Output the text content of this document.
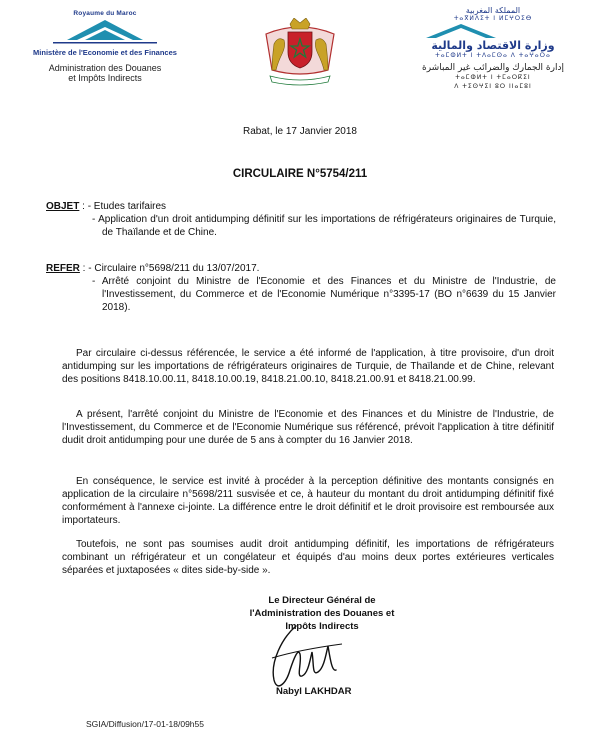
Royaume du Maroc
Ministère de l'Economie et des Finances
Administration des Douanes
et Impôts Indirects
المملكة المغربية
ⵜⴰⴳⵍⴷⵉⵜ ⵏ ⵍⵎⵖⵔⵉⴱ
وزارة الاقتصاد والمالية
ⵜⴰⵎⵀⵍⵜ ⵏ ⵜⴷⴰⵎⵙⴰ ⴷ ⵜⴰⵖⴰⵔⴰ
إدارة الجمارك والضرائب غير المباشرة
ⵜⴰⵎⵀⵍⵜ ⵏ ⵜⵎⴰⵔⴽⵉⵏ
ⴷ ⵜⵉⵙⵖⵉⵏ ⵓⵔ ⵏⵏⴰⵎⵓⵏ
Rabat, le 17 Janvier 2018
CIRCULAIRE N°5754/211
OBJET : - Etudes tarifaires
- Application d'un droit antidumping définitif sur les importations de réfrigérateurs originaires de Turquie, de Thaïlande et de Chine.
REFER : - Circulaire n°5698/211 du 13/07/2017.
- Arrêté conjoint du Ministre de l'Economie et des Finances et du Ministre de l'Industrie, de l'Investissement, du Commerce et de l'Economie Numérique n°3395-17 (BO n°6639 du 15 Janvier 2018).

Par circulaire ci-dessus référencée, le service a été informé de l'application, à titre provisoire, d'un droit antidumping sur les importations de réfrigérateurs originaires de Turquie, de Thaïlande et de Chine, relevant des positions 8418.10.00.11, 8418.10.00.19, 8418.21.00.10, 8418.21.00.91 et 8418.21.00.99.

A présent, l'arrêté conjoint du Ministre de l'Economie et des Finances et du Ministre de l'Industrie, de l'Investissement, du Commerce et de l'Economie Numérique sus référencé, prévoit l'application à titre définitif dudit droit antidumping pour une durée de 5 ans à compter du 16 Janvier 2018.

En conséquence, le service est invité à procéder à la perception définitive des montants consignés en application de la circulaire n°5698/211 susvisée et ce, à hauteur du montant du droit antidumping définitif fixé conformément à l'annexe ci-jointe. La différence entre le droit définitif et le droit provisoire est remboursée aux importateurs.

Toutefois, ne sont pas soumises audit droit antidumping définitif, les importations de réfrigérateurs combinant un réfrigérateur et un congélateur et équipés d'au moins deux portes extérieures verticales séparées et juxtaposées « dites side-by-side ».

Le Directeur Général de
l'Administration des Douanes et
Impôts Indirects
Nabyl LAKHDAR
SGIA/Diffusion/17-01-18/09h55
